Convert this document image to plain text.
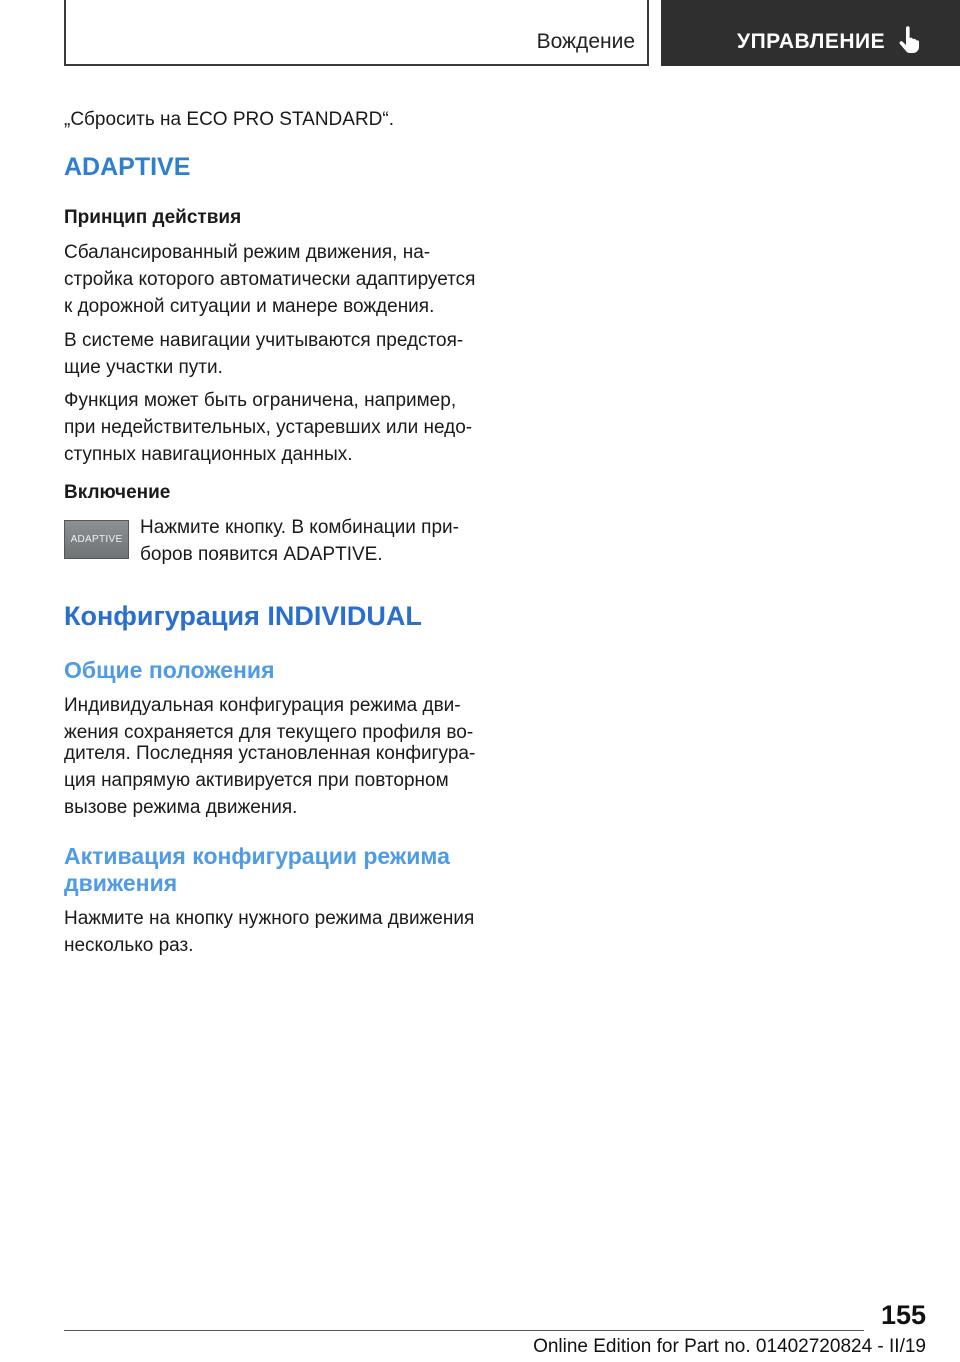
Вождение	УПРАВЛЕНИЕ
„Сбросить на ECO PRO STANDARD“.
ADAPTIVE
Принцип действия
Сбалансированный режим движения, на-
стройка которого автоматически адаптируется
к дорожной ситуации и манере вождения.
В системе навигации учитываются предстоя-
щие участки пути.
Функция может быть ограничена, например,
при недействительных, устаревших или недо-
ступных навигационных данных.
Включение
ADAPTIVE
Нажмите кнопку. В комбинации при-
боров появится ADAPTIVE.
Конфигурация INDIVIDUAL
Общие положения
Индивидуальная конфигурация режима дви-
жения сохраняется для текущего профиля во-
дителя. Последняя установленная конфигура-
ция напрямую активируется при повторном
вызове режима движения.
Активация конфигурации режима
движения
Нажмите на кнопку нужного режима движения
несколько раз.
155
Online Edition for Part no. 01402720824 - II/19
